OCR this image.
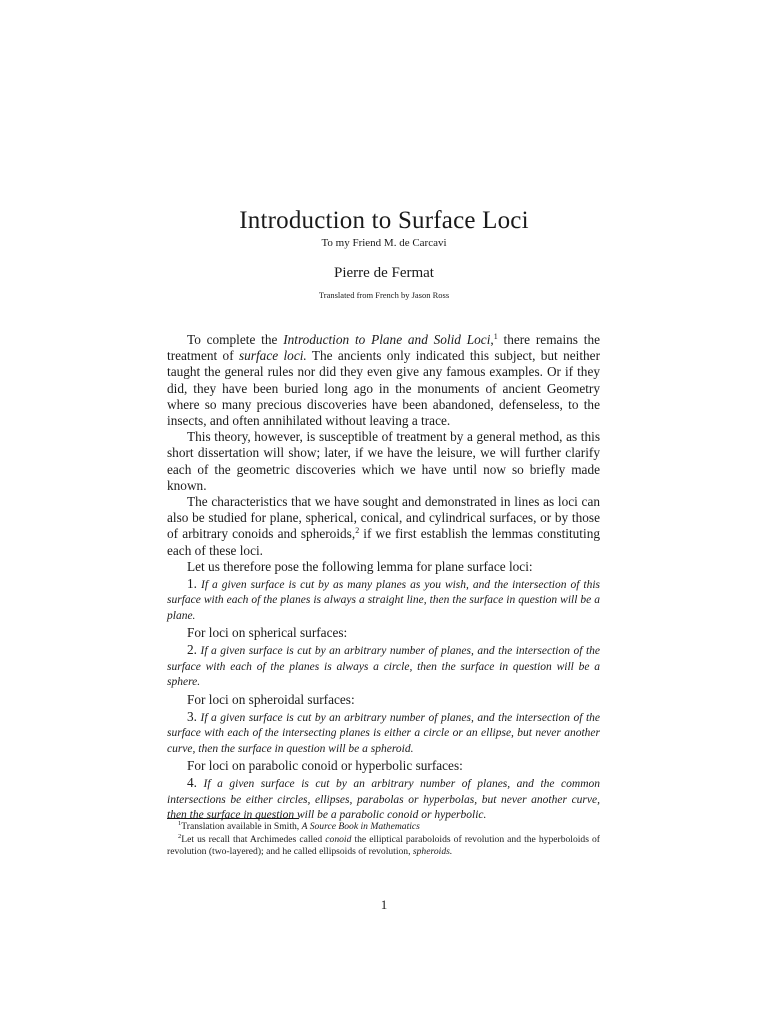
Introduction to Surface Loci
To my Friend M. de Carcavi
Pierre de Fermat
Translated from French by Jason Ross

To complete the Introduction to Plane and Solid Loci,$^1$ there remains the treatment of surface loci. The ancients only indicated this subject, but neither taught the general rules nor did they even give any famous examples. Or if they did, they have been buried long ago in the monuments of ancient Geometry where so many precious discoveries have been abandoned, defenseless, to the insects, and often annihilated without leaving a trace.

This theory, however, is susceptible of treatment by a general method, as this short dissertation will show; later, if we have the leisure, we will further clarify each of the geometric discoveries which we have until now so briefly made known.

The characteristics that we have sought and demonstrated in lines as loci can also be studied for plane, spherical, conical, and cylindrical surfaces, or by those of arbitrary conoids and spheroids,$^2$ if we first establish the lemmas constituting each of these loci.

Let us therefore pose the following lemma for plane surface loci:

1. If a given surface is cut by as many planes as you wish, and the intersection of this surface with each of the planes is always a straight line, then the surface in question will be a plane.

For loci on spherical surfaces:

2. If a given surface is cut by an arbitrary number of planes, and the intersection of the surface with each of the planes is always a circle, then the surface in question will be a sphere.

For loci on spheroidal surfaces:

3. If a given surface is cut by an arbitrary number of planes, and the intersection of the surface with each of the intersecting planes is either a circle or an ellipse, but never another curve, then the surface in question will be a spheroid.

For loci on parabolic conoid or hyperbolic surfaces:

4. If a given surface is cut by an arbitrary number of planes, and the common intersections be either circles, ellipses, parabolas or hyperbolas, but never another curve, then the surface in question will be a parabolic conoid or hyperbolic.

$^1$Translation available in Smith, A Source Book in Mathematics

$^2$Let us recall that Archimedes called conoid the elliptical paraboloids of revolution and the hyperboloids of revolution (two-layered); and he called ellipsoids of revolution, spheroids.

1
